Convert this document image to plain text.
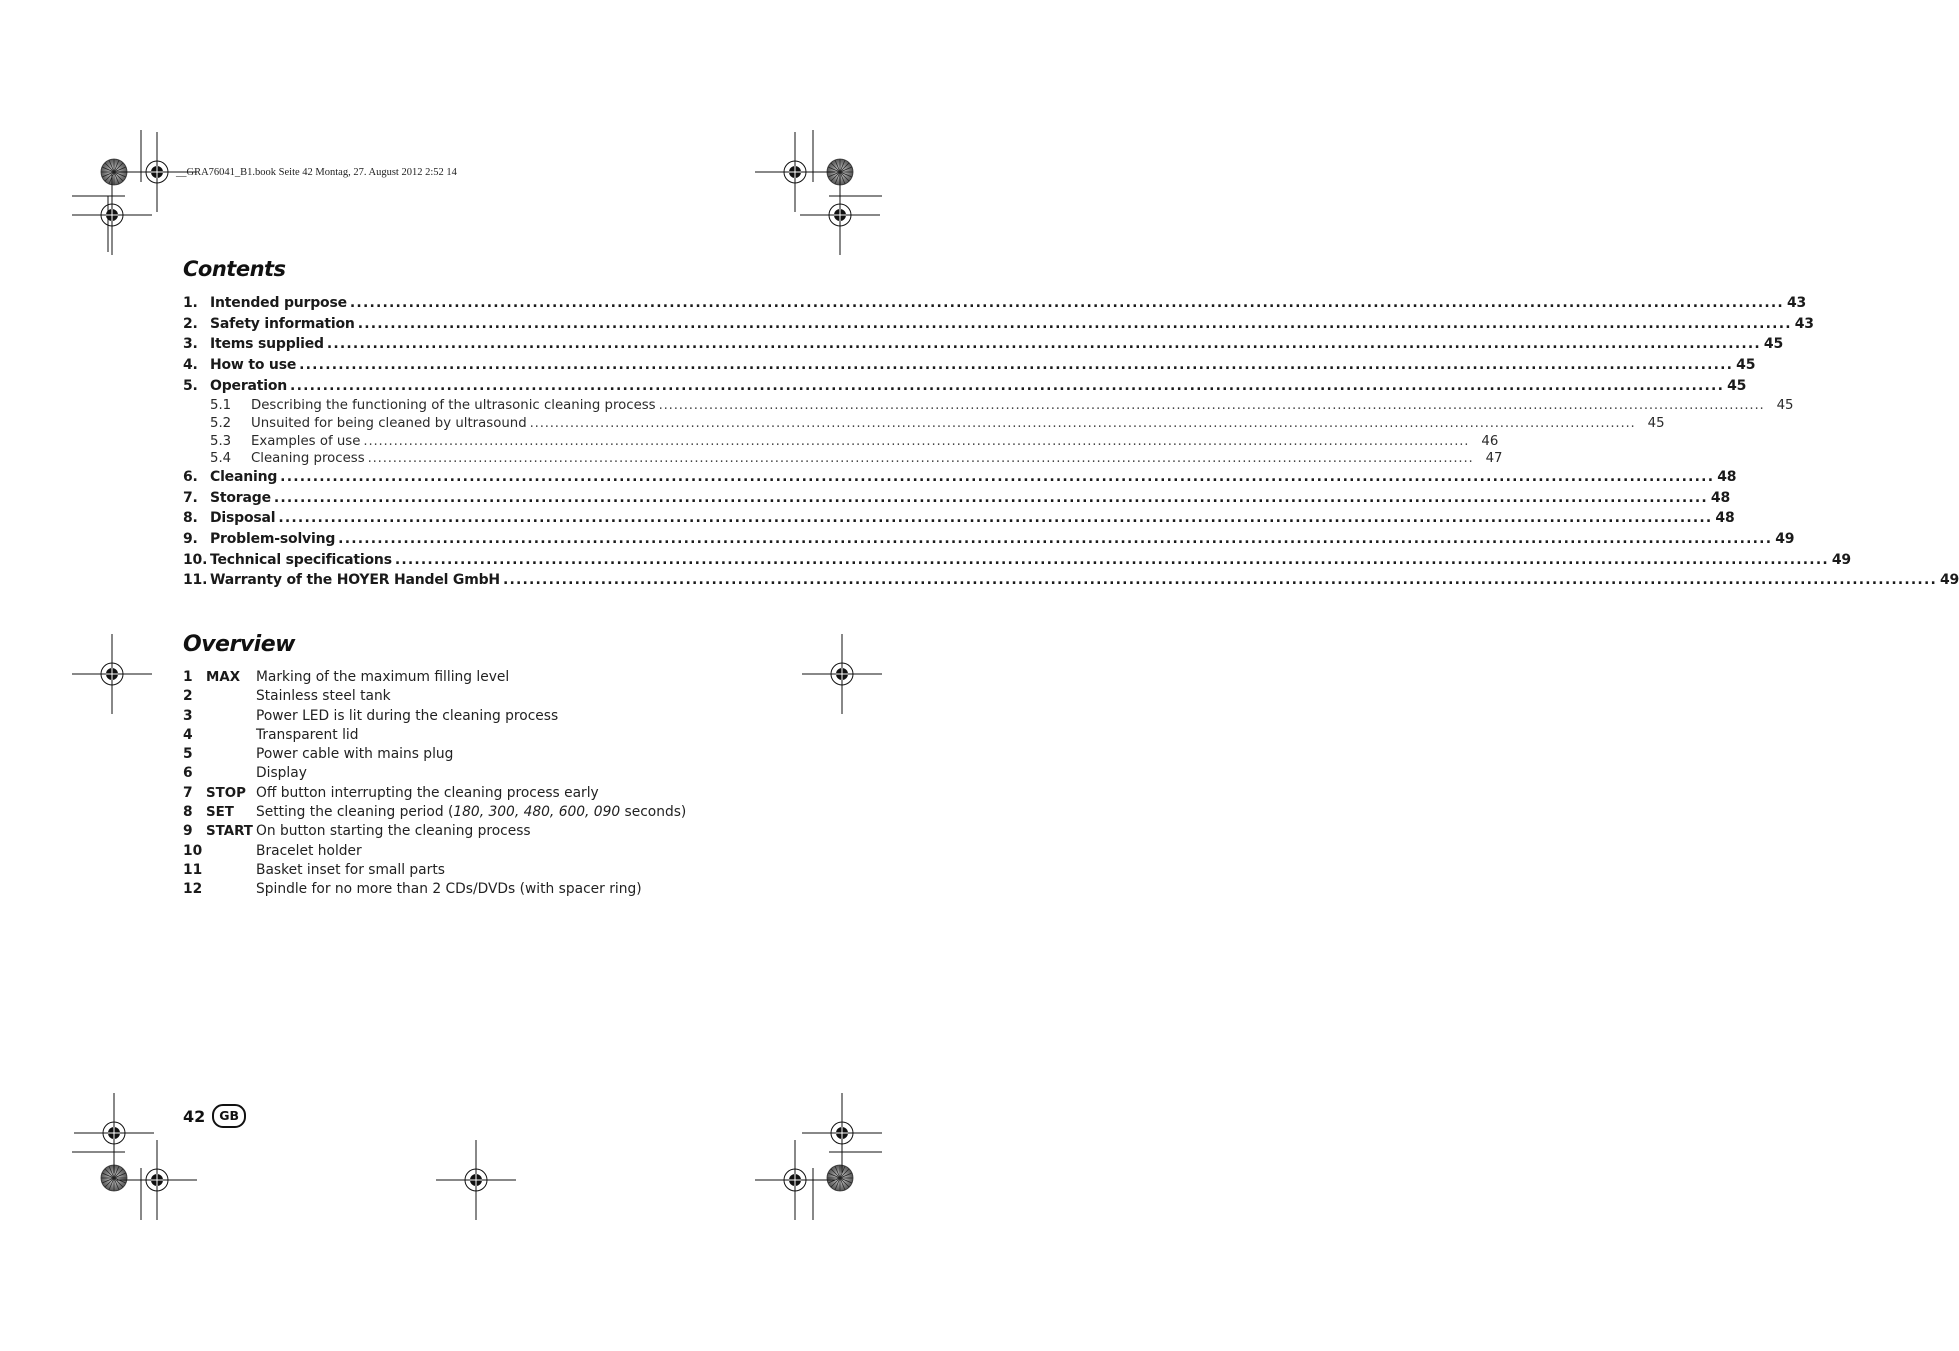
__GRA76041_B1.book Seite 42 Montag, 27. August 2012 2:52 14
Contents
1. Intended purpose ............................................................................................................................................................................................................................ 43
2. Safety information ............................................................................................................................................................................................................................ 43
3. Items supplied ............................................................................................................................................................................................................................ 45
4. How to use ............................................................................................................................................................................................................................ 45
5. Operation ............................................................................................................................................................................................................................ 45
5.1	Describing the functioning of the ultrasonic cleaning process ............................................................................................................................................................................................................................ 45
5.2	Unsuited for being cleaned by ultrasound ............................................................................................................................................................................................................................ 45
5.3	Examples of use ............................................................................................................................................................................................................................ 46
5.4	Cleaning process ............................................................................................................................................................................................................................ 47
6. Cleaning ............................................................................................................................................................................................................................ 48
7. Storage ............................................................................................................................................................................................................................ 48
8. Disposal ............................................................................................................................................................................................................................ 48
9. Problem-solving ............................................................................................................................................................................................................................ 49
10. Technical specifications ............................................................................................................................................................................................................................ 49
11. Warranty of the HOYER Handel GmbH ............................................................................................................................................................................................................................ 49
Overview
1 MAX	Marking of the maximum filling level
2	Stainless steel tank
3	Power LED is lit during the cleaning process
4	Transparent lid
5	Power cable with mains plug
6	Display
7 STOP Off button interrupting the cleaning process early
8 SET	Setting the cleaning period (180, 300, 480, 600, 090 seconds)
9 START On button starting the cleaning process
10	Bracelet holder
11	Basket inset for small parts
12	Spindle for no more than 2 CDs/DVDs (with spacer ring)
42	GB
